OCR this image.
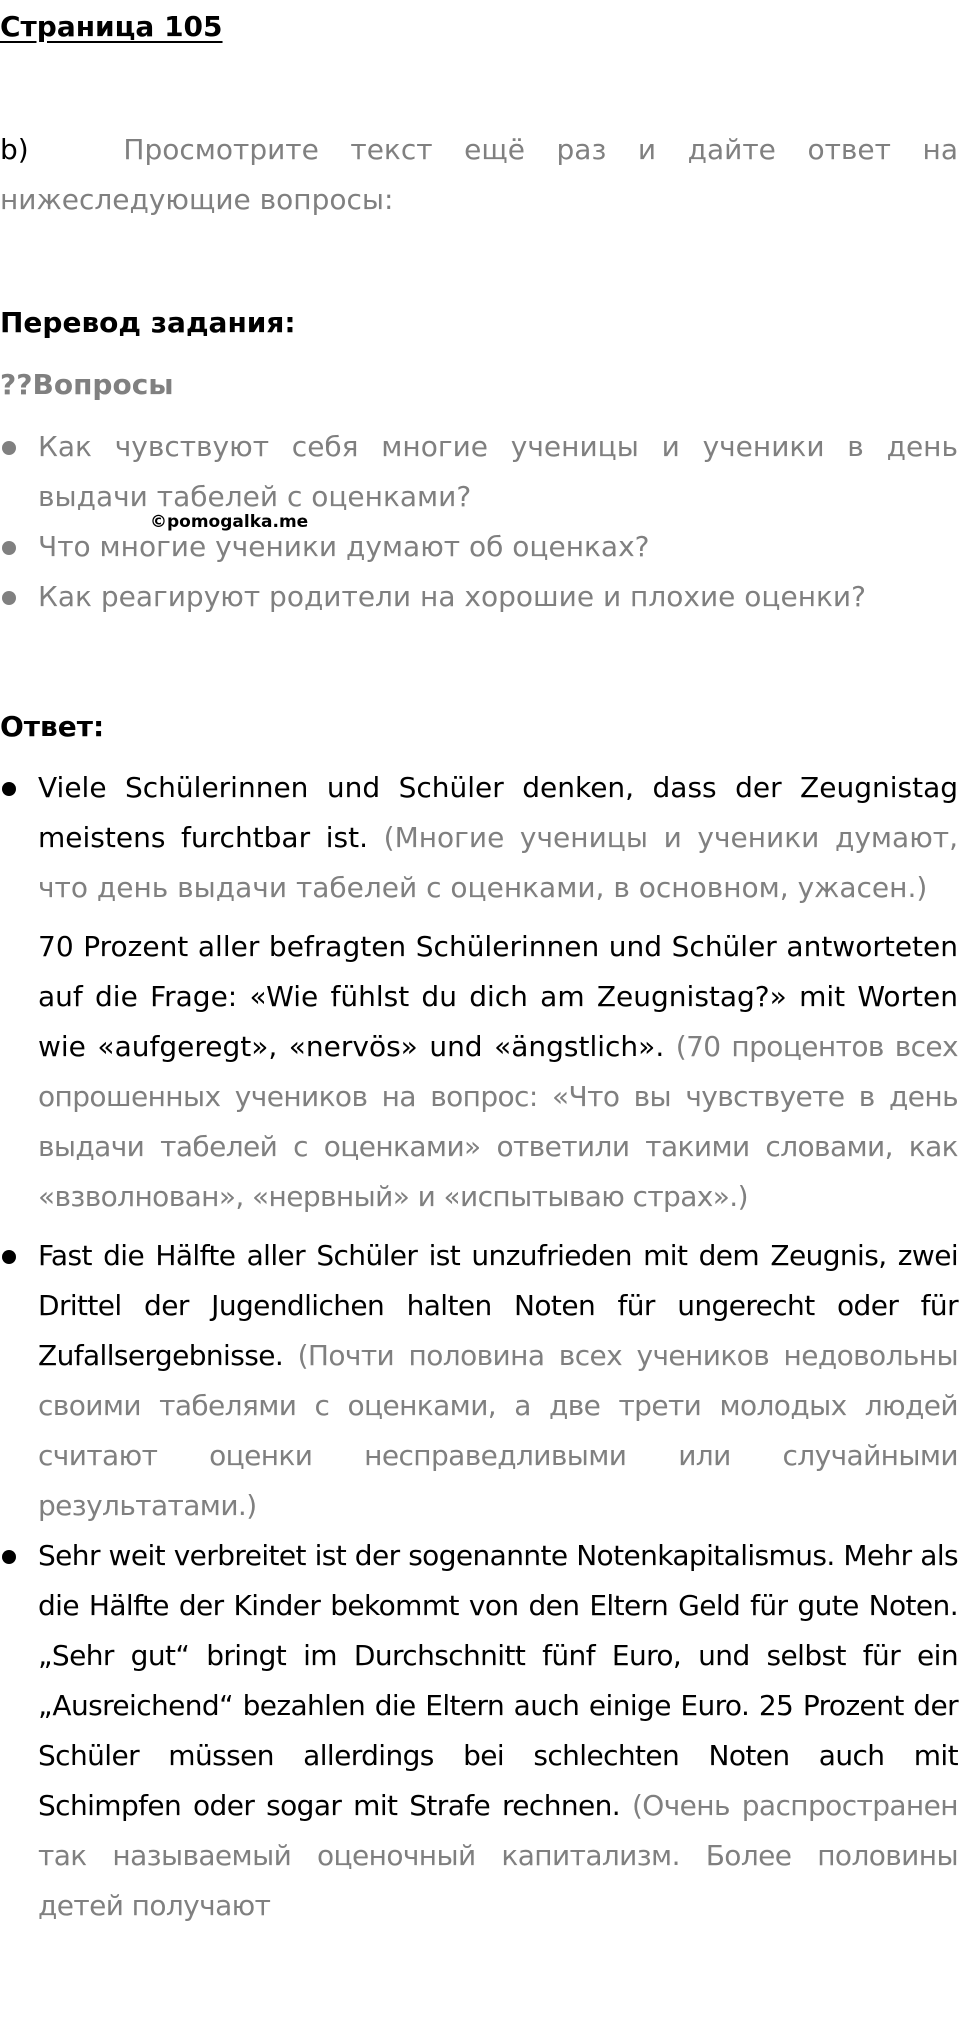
Страница 105

b)	Просмотрите текст ещё раз и дайте ответ на нижеследующие вопросы:

Перевод задания:
??Вопросы
Как чувствуют себя многие ученицы и ученики в день выдачи табелей с оценками?
Что многие ученики думают об оценках?
Как реагируют родители на хорошие и плохие оценки?
©pomogalka.me
Ответ:

Viele Schülerinnen und Schüler denken, dass der Zeugnistag meistens furchtbar ist. (Многие ученицы и ученики думают, что день выдачи табелей с оценками, в основном, ужасен.)

70 Prozent aller befragten Schülerinnen und Schüler antworteten auf die Frage: «Wie fühlst du dich am Zeugnistag?» mit Worten wie «aufgeregt», «nervös» und «ängstlich». (70 процентов всех опрошенных учеников на вопрос: «Что вы чувствуете в день выдачи табелей с оценками» ответили такими словами, как «взволнован», «нервный» и «испытываю страх».)

Fast die Hälfte aller Schüler ist unzufrieden mit dem Zeugnis, zwei Drittel der Jugendlichen halten Noten für ungerecht oder für Zufallsergebnisse. (Почти половина всех учеников недовольны своими табелями с оценками, а две трети молодых людей считают оценки несправедливыми или случайными результатами.)

Sehr weit verbreitet ist der sogenannte Notenkapitalismus. Mehr als die Hälfte der Kinder bekommt von den Eltern Geld für gute Noten. „Sehr gut“ bringt im Durchschnitt fünf Euro, und selbst für ein „Ausreichend“ bezahlen die Eltern auch einige Euro. 25 Prozent der Schüler müssen allerdings bei schlechten Noten auch mit Schimpfen oder sogar mit Strafe rechnen. (Очень распространен так называемый оценочный капитализм. Более половины детей получают
